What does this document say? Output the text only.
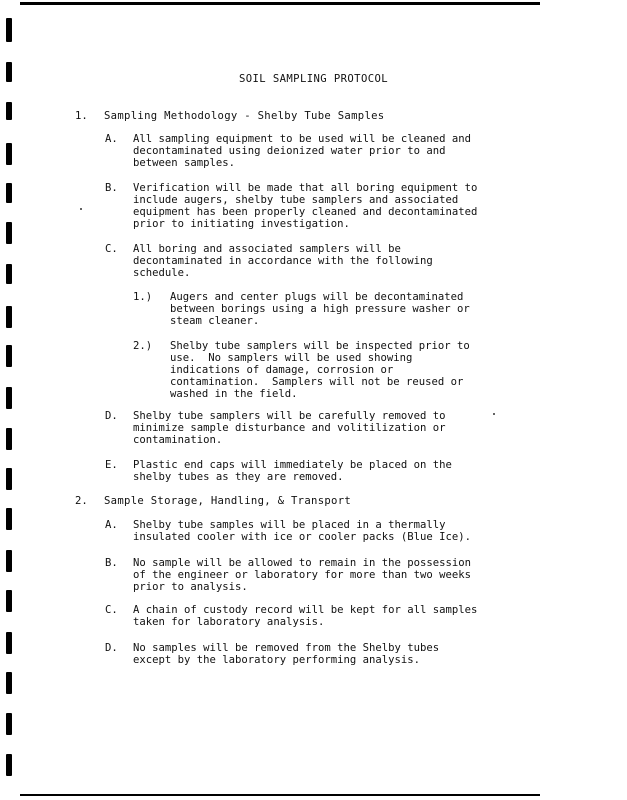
SOIL SAMPLING PROTOCOL
1. Sampling Methodology - Shelby Tube Samples
A. All sampling equipment to be used will be cleaned and
decontaminated using deionized water prior to and
between samples.
B. Verification will be made that all boring equipment to
include augers, shelby tube samplers and associated
equipment has been properly cleaned and decontaminated
prior to initiating investigation.
C. All boring and associated samplers will be
decontaminated in accordance with the following
schedule.
1.) Augers and center plugs will be decontaminated
between borings using a high pressure washer or
steam cleaner.
2.) Shelby tube samplers will be inspected prior to
use.  No samplers will be used showing
indications of damage, corrosion or
contamination.  Samplers will not be reused or
washed in the field.
D. Shelby tube samplers will be carefully removed to
minimize sample disturbance and volitilization or
contamination.
E. Plastic end caps will immediately be placed on the
shelby tubes as they are removed.
2. Sample Storage, Handling, & Transport
A. Shelby tube samples will be placed in a thermally
insulated cooler with ice or cooler packs (Blue Ice).
B. No sample will be allowed to remain in the possession
of the engineer or laboratory for more than two weeks
prior to analysis.
C. A chain of custody record will be kept for all samples
taken for laboratory analysis.
D. No samples will be removed from the Shelby tubes
except by the laboratory performing analysis.
